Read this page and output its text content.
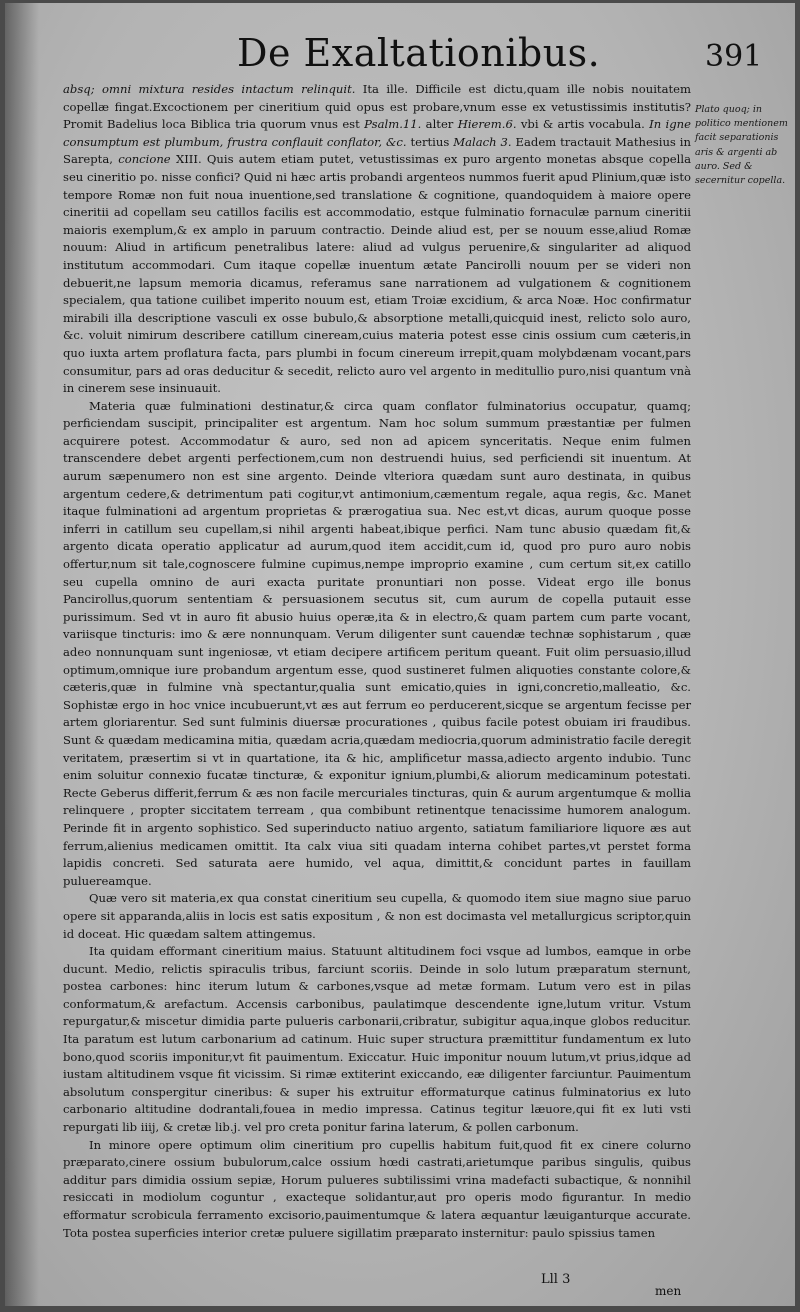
De Exaltationibus.	391

absq; omni mixtura resides intactum relinquit. Ita ille. Difficile est dictu,quam ille nobis nouitatem copellæ fingat.Excoctionem per cineritium quid opus est probare,vnum esse ex vetustissimis institutis? Promit Badelius loca Biblica tria quorum vnus est Psalm.11. alter Hierem.6. vbi & artis vocabula. In igne consumptum est plumbum, frustra conflauit conflator, &c. tertius Malach 3. Eadem tractauit Mathesius in Sarepta, concione XIII. Quis autem etiam putet, vetustissimas ex puro argento monetas absque copella seu cineritio po. nisse confici? Quid ni hæc artis probandi argenteos nummos fuerit apud Plinium,quæ isto tempore Romæ non fuit noua inuentione,sed translatione & cognitione, quandoquidem à maiore opere cineritii ad copellam seu catillos facilis est accommodatio, estque fulminatio fornaculæ parnum cineritii maioris exemplum,& ex amplo in paruum contractio. Deinde aliud est, per se nouum esse,aliud Romæ nouum: Aliud in artificum penetralibus latere: aliud ad vulgus peruenire,& singulariter ad aliquod institutum accommodari. Cum itaque copellæ inuentum ætate Pancirolli nouum per se videri non debuerit,ne lapsum memoria dicamus, referamus sane narrationem ad vulgationem & cognitionem specialem, qua tatione cuilibet imperito nouum est, etiam Troiæ excidium, & arca Noæ. Hoc confirmatur mirabili illa descriptione vasculi ex osse bubulo,& absorptione metalli,quicquid inest, relicto solo auro, &c. voluit nimirum describere catillum cineream,cuius materia potest esse cinis ossium cum cæteris,in quo iuxta artem proflatura facta, pars plumbi in focum cinereum irrepit,quam molybdænam vocant,pars consumitur, pars ad oras deducitur & secedit, relicto auro vel argento in meditullio puro,nisi quantum vnà in cinerem sese insinuauit.

Materia quæ fulminationi destinatur,& circa quam conflator fulminatorius occupatur, quamq; perficiendam suscipit, principaliter est argentum. Nam hoc solum summum præstantiæ per fulmen acquirere potest. Accommodatur & auro, sed non ad apicem synceritatis. Neque enim fulmen transcendere debet argenti perfectionem,cum non destruendi huius, sed perficiendi sit inuentum. At aurum sæpenumero non est sine argento. Deinde vlteriora quædam sunt auro destinata, in quibus argentum cedere,& detrimentum pati cogitur,vt antimonium,cæmentum regale, aqua regis, &c. Manet itaque fulminationi ad argentum proprietas & prærogatiua sua. Nec est,vt dicas, aurum quoque posse inferri in catillum seu cupellam,si nihil argenti habeat,ibique perfici. Nam tunc abusio quædam fit,& argento dicata operatio applicatur ad aurum,quod item accidit,cum id, quod pro puro auro nobis offertur,num sit tale,cognoscere fulmine cupimus,nempe improprio examine , cum certum sit,ex catillo seu cupella omnino de auri exacta puritate pronuntiari non posse. Videat ergo ille bonus Pancirollus,quorum sententiam & persuasionem secutus sit, cum aurum de copella putauit esse purissimum. Sed vt in auro fit abusio huius operæ,ita & in electro,& quam partem cum parte vocant, variisque tincturis: imo & ære nonnunquam. Verum diligenter sunt cauendæ technæ sophistarum , quæ adeo nonnunquam sunt ingeniosæ, vt etiam decipere artificem peritum queant. Fuit olim persuasio,illud optimum,omnique iure probandum argentum esse, quod sustineret fulmen aliquoties constante colore,& cæteris,quæ in fulmine vnà spectantur,qualia sunt emicatio,quies in igni,concretio,malleatio, &c. Sophistæ ergo in hoc vnice incubuerunt,vt æs aut ferrum eo perducerent,sicque se argentum fecisse per artem gloriarentur. Sed sunt fulminis diuersæ procurationes , quibus facile potest obuiam iri fraudibus. Sunt & quædam medicamina mitia, quædam acria,quædam mediocria,quorum administratio facile deregit veritatem, præsertim si vt in quartatione, ita & hic, amplificetur massa,adiecto argento indubio. Tunc enim soluitur connexio fucatæ tincturæ, & exponitur ignium,plumbi,& aliorum medicaminum potestati. Recte Geberus differit,ferrum & æs non facile mercuriales tincturas, quin & aurum argentumque & mollia relinquere , propter siccitatem terream , qua combibunt retinentque tenacissime humorem analogum. Perinde fit in argento sophistico. Sed superinducto natiuo argento, satiatum familiariore liquore æs aut ferrum,alienius medicamen omittit. Ita calx viua siti quadam interna cohibet partes,vt perstet forma lapidis concreti. Sed saturata aere humido, vel aqua, dimittit,& concidunt partes in fauillam puluereamque.

Quæ vero sit materia,ex qua constat cineritium seu cupella, & quomodo item siue magno siue paruo opere sit apparanda,aliis in locis est satis expositum , & non est docimasta vel metallurgicus scriptor,quin id doceat. Hic quædam saltem attingemus.

Ita quidam efformant cineritium maius. Statuunt altitudinem foci vsque ad lumbos, eamque in orbe ducunt. Medio, relictis spiraculis tribus, farciunt scoriis. Deinde in solo lutum præparatum sternunt, postea carbones: hinc iterum lutum & carbones,vsque ad metæ formam. Lutum vero est in pilas conformatum,& arefactum. Accensis carbonibus, paulatimque descendente igne,lutum vritur. Vstum repurgatur,& miscetur dimidia parte pulueris carbonarii,cribratur, subigitur aqua,inque globos reducitur. Ita paratum est lutum carbonarium ad catinum. Huic super structura præmittitur fundamentum ex luto bono,quod scoriis imponitur,vt fit pauimentum. Exiccatur. Huic imponitur nouum lutum,vt prius,idque ad iustam altitudinem vsque fit vicissim. Si rimæ extiterint exiccando, eæ diligenter farciuntur. Pauimentum absolutum conspergitur cineribus: & super his extruitur efformaturque catinus fulminatorius ex luto carbonario altitudine dodrantali,fouea in medio impressa. Catinus tegitur læuore,qui fit ex luti vsti repurgati lib iiij, & cretæ lib.j. vel pro creta ponitur farina laterum, & pollen carbonum.

In minore opere optimum olim cineritium pro cupellis habitum fuit,quod fit ex cinere colurno præparato,cinere ossium bubulorum,calce ossium hœdi castrati,arietumque paribus singulis, quibus additur pars dimidia ossium sepiæ, Horum pulueres subtilissimi vrina madefacti subactique, & nonnihil resiccati in modiolum coguntur , exacteque solidantur,aut pro operis modo figurantur. In medio efformatur scrobicula ferramento excisorio,pauimentumque & latera æquantur læuiganturque accurate. Tota postea superficies interior cretæ puluere sigillatim præparato insternitur: paulo spissius tamen

Plato quoq; in politico mentionem facit separationis aris & argenti ab auro. Sed & secernitur copella.
Lll 3
men
